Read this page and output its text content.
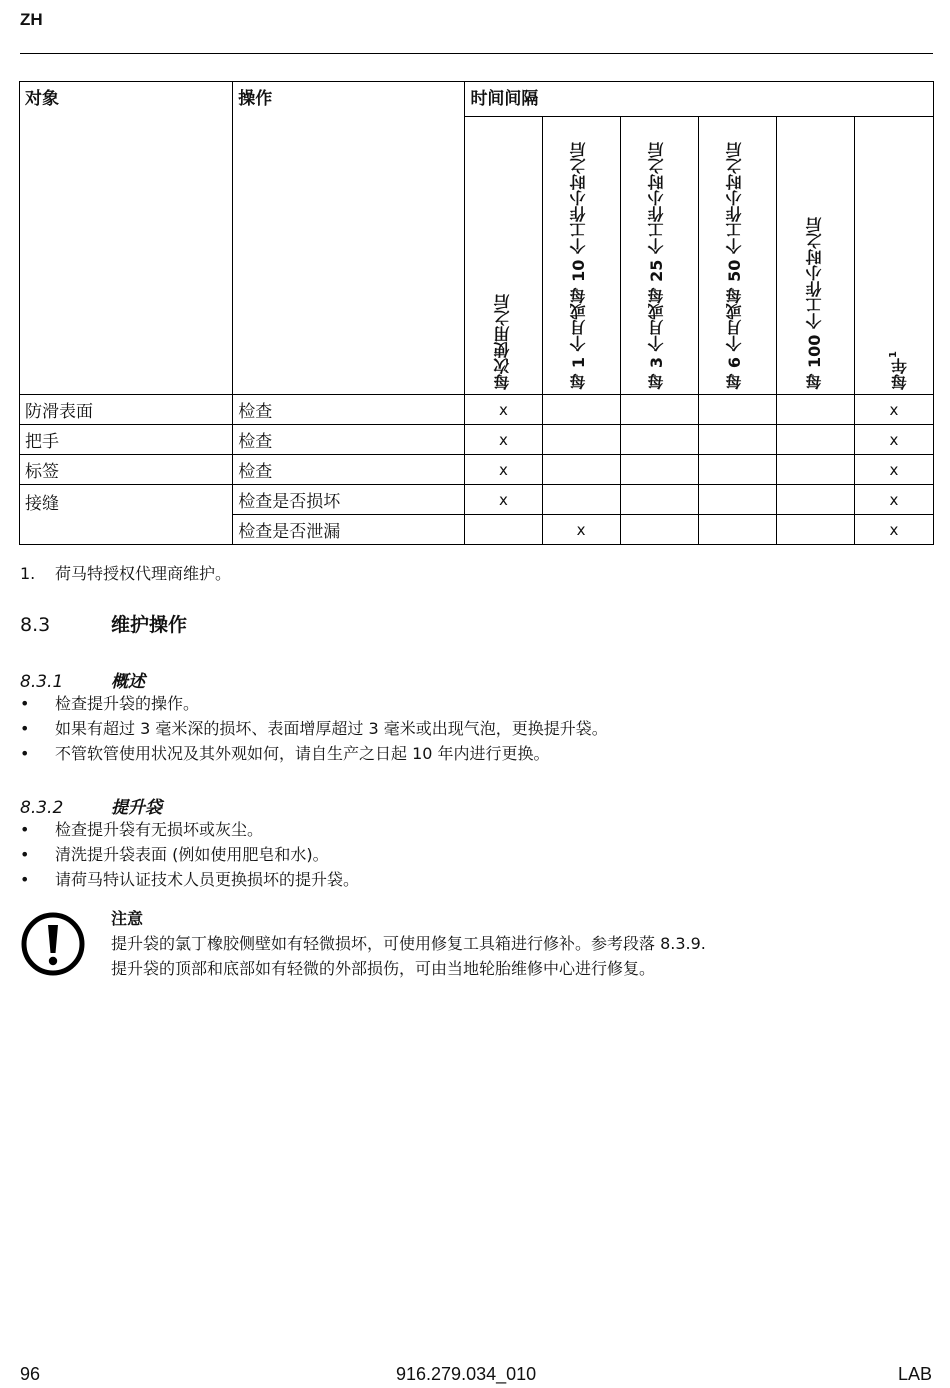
ZH
对象	操作	时间间隔					

		每次使用之后	每 1 个月或每 10 个工作小时之后	每 3 个月或每 25 个工作小时之后	每 6 个月或每 50 个工作小时之后	每 100 个工作小时之后	每年$^1$

防滑表面	检查	x					x
把手	检查	x					x
标签	检查	x					x
接缝	检查是否损坏	x					x
	检查是否泄漏		x				x
1. 荷马特授权代理商维护。
8.3	维护操作
8.3.1	概述
• 检查提升袋的操作。
• 如果有超过 3 毫米深的损坏、表面增厚超过 3 毫米或出现气泡，更换提升袋。
• 不管软管使用状况及其外观如何，请自生产之日起 10 年内进行更换。
8.3.2	提升袋
• 检查提升袋有无损坏或灰尘。
• 清洗提升袋表面 (例如使用肥皂和水)。
• 请荷马特认证技术人员更换损坏的提升袋。
注意
提升袋的氯丁橡胶侧壁如有轻微损坏，可使用修复工具箱进行修补。参考段落 8.3.9.
提升袋的顶部和底部如有轻微的外部损伤，可由当地轮胎维修中心进行修复。
96	916.279.034_010	LAB
